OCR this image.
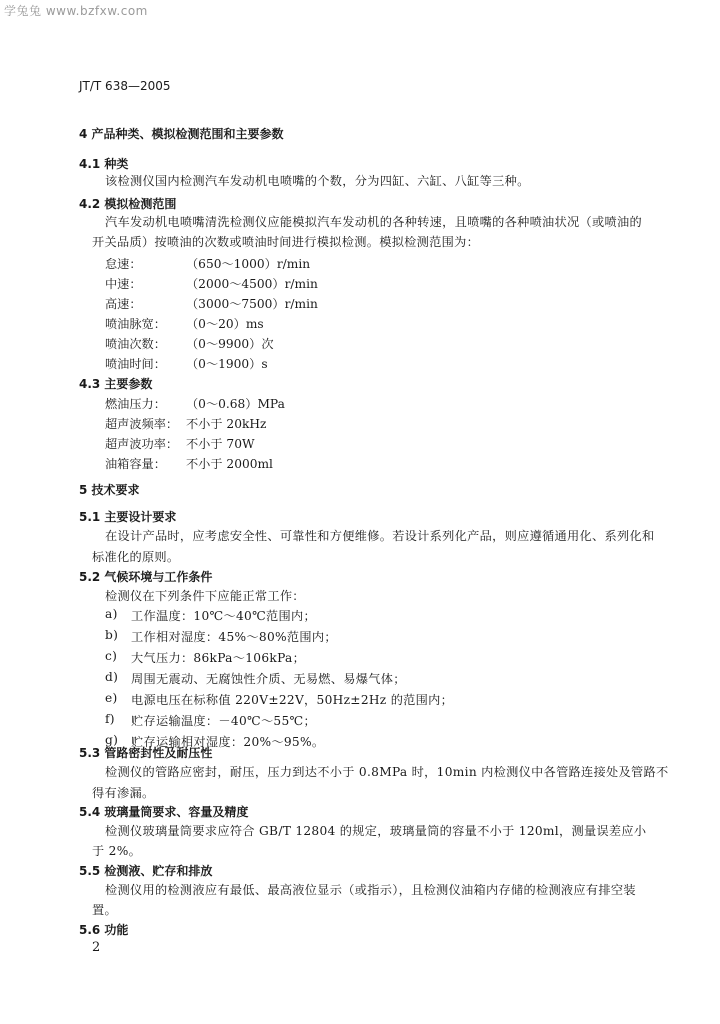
学兔兔 www.bzfxw.com
JT/T 638—2005
4 产品种类、模拟检测范围和主要参数
4.1 种类
该检测仪国内检测汽车发动机电喷嘴的个数，分为四缸、六缸、八缸等三种。
4.2 模拟检测范围
汽车发动机电喷嘴清洗检测仪应能模拟汽车发动机的各种转速，且喷嘴的各种喷油状况（或喷油的
开关品质）按喷油的次数或喷油时间进行模拟检测。模拟检测范围为：
怠速：	（650～1000）r/min
中速：	（2000～4500）r/min
高速：	（3000～7500）r/min
喷油脉宽： （0～20）ms
喷油次数： （0～9900）次
喷油时间： （0～1900）s
4.3 主要参数
燃油压力： （0～0.68）MPa
超声波频率： 不小于 20kHz
超声波功率： 不小于 70W
油箱容量： 不小于 2000ml
5 技术要求
5.1 主要设计要求
在设计产品时，应考虑安全性、可靠性和方便维修。若设计系列化产品，则应遵循通用化、系列化和
标准化的原则。
5.2 气候环境与工作条件
检测仪在下列条件下应能正常工作：
a) 工作温度：10℃～40℃范围内；
b) 工作相对湿度：45%～80%范围内；
c) 大气压力：86kPa～106kPa；
d) 周围无震动、无腐蚀性介质、无易燃、易爆气体；
e) 电源电压在标称值 220V±22V，50Hz±2Hz 的范围内；
f) 贮存运输温度：－40℃～55℃；
g) 贮存运输相对湿度：20%～95%。
5.3 管路密封性及耐压性
检测仪的管路应密封，耐压，压力到达不小于 0.8MPa 时，10min 内检测仪中各管路连接处及管路不
得有渗漏。
5.4 玻璃量筒要求、容量及精度
检测仪玻璃量筒要求应符合 GB/T 12804 的规定，玻璃量筒的容量不小于 120ml，测量误差应小
于 2%。
5.5 检测液、贮存和排放
检测仪用的检测液应有最低、最高液位显示（或指示），且检测仪油箱内存储的检测液应有排空装
置。
5.6 功能
2
